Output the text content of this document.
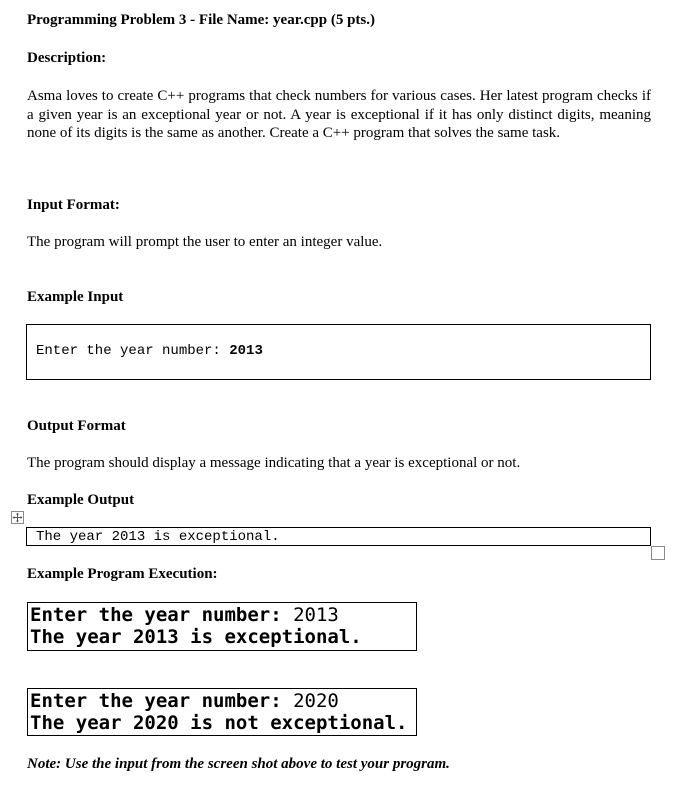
Programming Problem 3 - File Name: year.cpp (5 pts.)
Description:
Asma loves to create C++ programs that check numbers for various cases. Her latest program checks if a given year is an exceptional year or not. A year is exceptional if it has only distinct digits, meaning none of its digits is the same as another. Create a C++ program that solves the same task.
Input Format:
The program will prompt the user to enter an integer value.
Example Input
Enter the year number: 2013
Output Format
The program should display a message indicating that a year is exceptional or not.
Example Output
The year 2013 is exceptional.
Example Program Execution:
Enter the year number: 2013
The year 2013 is exceptional.
Enter the year number: 2020
The year 2020 is not exceptional.
Note: Use the input from the screen shot above to test your program.
